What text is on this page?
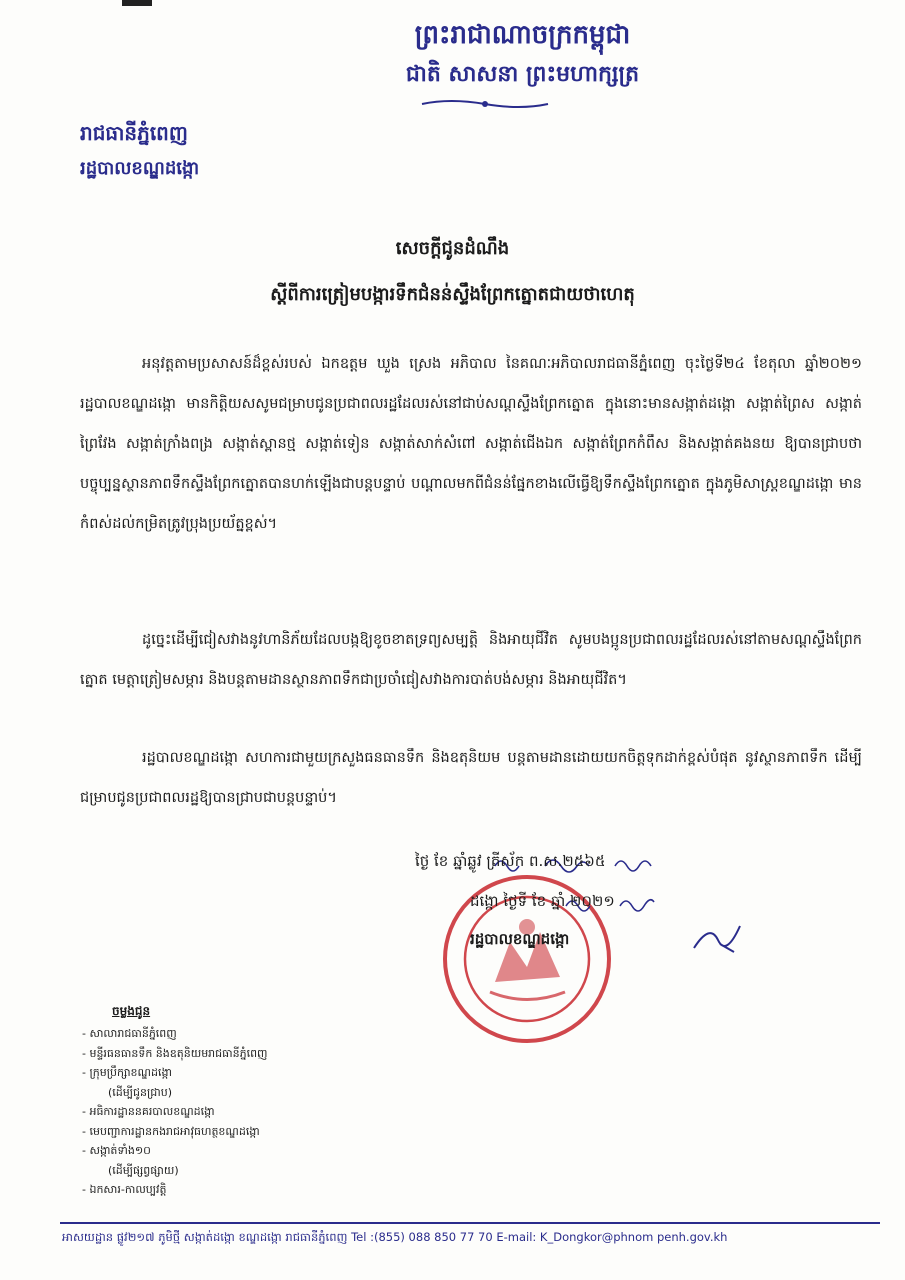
ព្រះរាជាណាចក្រកម្ពុជា
ជាតិ សាសនា ព្រះមហាក្សត្រ
រាជធានីភ្នំពេញ
រដ្ឋបាលខណ្ឌដង្កោ
សេចក្តីជូនដំណឹង
ស្តីពីការត្រៀមបង្ការទឹកជំនន់ស្ទឹងព្រែកត្នោតជាយថាហេតុ
អនុវត្តតាមប្រសាសន៍ដ៏ខ្ពស់របស់ ឯកឧត្តម ឃួង ស្រេង អភិបាល នៃគណៈអភិបាលរាជធានីភ្នំពេញ ចុះថ្ងៃទី២៤ ខែតុលា ឆ្នាំ២០២១ រដ្ឋបាលខណ្ឌដង្កោ មានកិត្តិយសសូមជម្រាបជូនប្រជាពលរដ្ឋដែលរស់នៅជាប់សណ្តស្ទឹងព្រែកត្នោត ក្នុងនោះមានសង្កាត់ដង្កោ សង្កាត់ព្រៃស សង្កាត់ព្រៃវែង សង្កាត់ក្រាំងពង្រ សង្កាត់ស្ពានថ្ម សង្កាត់ទៀន សង្កាត់សាក់សំពៅ សង្កាត់ជើងឯក សង្កាត់ព្រែកកំពឹស និងសង្កាត់គងនយ ឱ្យបានជ្រាបថា បច្ចុប្បន្នស្ថានភាពទឹកស្ទឹងព្រែកត្នោតបានហក់ឡើងជាបន្តបន្ទាប់ បណ្តាលមកពីជំនន់ផ្នែកខាងលើធ្វើឱ្យទឹកស្ទឹងព្រែកត្នោត ក្នុងភូមិសាស្ត្រខណ្ឌដង្កោ មានកំពស់ដល់កម្រិតត្រូវប្រុងប្រយ័ត្នខ្ពស់។
ដូច្នេះដើម្បីជៀសវាងនូវហានិភ័យដែលបង្កឱ្យខូចខាតទ្រព្យសម្បត្តិ និងអាយុជីវិត សូមបងប្អូនប្រជាពលរដ្ឋដែលរស់នៅតាមសណ្តស្ទឹងព្រែកត្នោត មេត្តាត្រៀមសម្ភារ និងបន្តតាមដានស្ថានភាពទឹកជាប្រចាំជៀសវាងការបាត់បង់សម្ភារ និងអាយុជីវិត។
រដ្ឋបាលខណ្ឌដង្កោ សហការជាមួយក្រសួងធនធានទឹក និងឧតុនិយម បន្តតាមដានដោយយកចិត្តទុកដាក់ខ្ពស់បំផុត នូវស្ថានភាពទឹក ដើម្បីជម្រាបជូនប្រជាពលរដ្ឋឱ្យបានជ្រាបជាបន្តបន្ទាប់។
ថ្ងៃ ខែ ឆ្នាំឆ្លូវ ត្រីស័ក ព.ស.២៥៦៥
ដង្កោ ថ្ងៃទី ខែ ឆ្នាំ ២០២១
រដ្ឋបាលខណ្ឌដង្កោ
ចម្លងជូន
- សាលារាជធានីភ្នំពេញ
- មន្ទីរធនធានទឹក និងឧតុនិយមរាជធានីភ្នំពេញ
- ក្រុមប្រឹក្សាខណ្ឌដង្កោ
(ដើម្បីជូនជ្រាប)
- អធិការដ្ឋាននគរបាលខណ្ឌដង្កោ
- មេបញ្ជាការដ្ឋានកងរាជអាវុធហត្ថខណ្ឌដង្កោ
- សង្កាត់ទាំង១០
(ដើម្បីផ្សព្វផ្សាយ)
- ឯកសារ-កាលប្បវត្តិ
អាសយដ្ឋាន ផ្លូវ២១៧ ភូមិថ្មី សង្កាត់ដង្កោ ខណ្ឌដង្កោ រាជធានីភ្នំពេញ Tel :(855) 088 850 77 70 E-mail: K_Dongkor@phnom penh.gov.kh
